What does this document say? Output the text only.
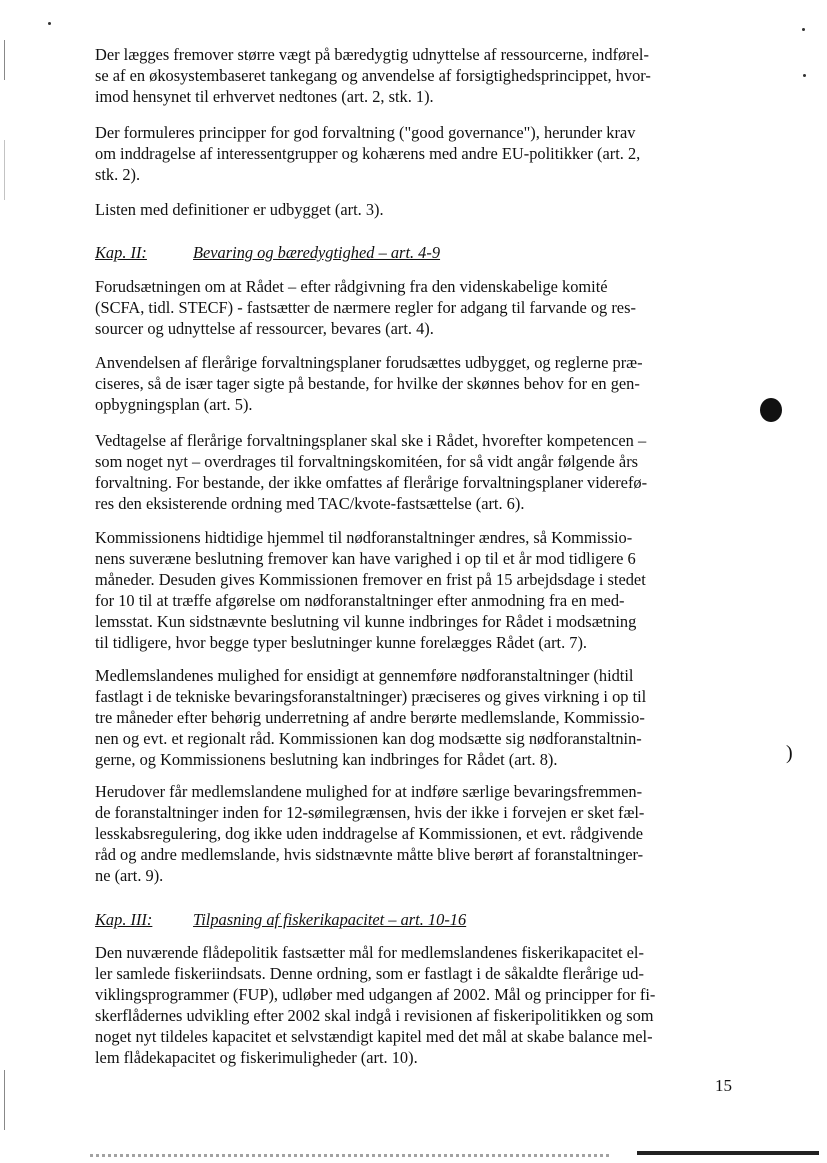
)
Der lægges fremover større vægt på bæredygtig udnyttelse af ressourcerne, indførel-
se af en økosystembaseret tankegang og anvendelse af forsigtighedsprincippet, hvor-
imod hensynet til erhvervet nedtones (art. 2, stk. 1).
Der formuleres principper for god forvaltning ("good governance"), herunder krav
om inddragelse af interessentgrupper og kohærens med andre EU-politikker (art. 2,
stk. 2).
Listen med definitioner er udbygget (art. 3).
Kap. II:	Bevaring og bæredygtighed – art. 4-9
Forudsætningen om at Rådet – efter rådgivning fra den videnskabelige komité
(SCFA, tidl. STECF) - fastsætter de nærmere regler for adgang til farvande og res-
sourcer og udnyttelse af ressourcer, bevares (art. 4).
Anvendelsen af flerårige forvaltningsplaner forudsættes udbygget, og reglerne præ-
ciseres, så de især tager sigte på bestande, for hvilke der skønnes behov for en gen-
opbygningsplan (art. 5).
Vedtagelse af flerårige forvaltningsplaner skal ske i Rådet, hvorefter kompetencen –
som noget nyt – overdrages til forvaltningskomitéen, for så vidt angår følgende års
forvaltning. For bestande, der ikke omfattes af flerårige forvaltningsplaner viderefø-
res den eksisterende ordning med TAC/kvote-fastsættelse (art. 6).
Kommissionens hidtidige hjemmel til nødforanstaltninger ændres, så Kommissio-
nens suveræne beslutning fremover kan have varighed i op til et år mod tidligere 6
måneder. Desuden gives Kommissionen fremover en frist på 15 arbejdsdage i stedet
for 10 til at træffe afgørelse om nødforanstaltninger efter anmodning fra en med-
lemsstat. Kun sidstnævnte beslutning vil kunne indbringes for Rådet i modsætning
til tidligere, hvor begge typer beslutninger kunne forelægges Rådet (art. 7).
Medlemslandenes mulighed for ensidigt at gennemføre nødforanstaltninger (hidtil
fastlagt i de tekniske bevaringsforanstaltninger) præciseres og gives virkning i op til
tre måneder efter behørig underretning af andre berørte medlemslande, Kommissio-
nen og evt. et regionalt råd. Kommissionen kan dog modsætte sig nødforanstaltnin-
gerne, og Kommissionens beslutning kan indbringes for Rådet (art. 8).
Herudover får medlemslandene mulighed for at indføre særlige bevaringsfremmen-
de foranstaltninger inden for 12-sømilegrænsen, hvis der ikke i forvejen er sket fæl-
lesskabsregulering, dog ikke uden inddragelse af Kommissionen, et evt. rådgivende
råd og andre medlemslande, hvis sidstnævnte måtte blive berørt af foranstaltninger-
ne (art. 9).
Kap. III: Tilpasning af fiskerikapacitet – art. 10-16
Den nuværende flådepolitik fastsætter mål for medlemslandenes fiskerikapacitet el-
ler samlede fiskeriindsats. Denne ordning, som er fastlagt i de såkaldte flerårige ud-
viklingsprogrammer (FUP), udløber med udgangen af 2002. Mål og principper for fi-
skerflådernes udvikling efter 2002 skal indgå i revisionen af fiskeripolitikken og som
noget nyt tildeles kapacitet et selvstændigt kapitel med det mål at skabe balance mel-
lem flådekapacitet og fiskerimuligheder (art. 10).
15
